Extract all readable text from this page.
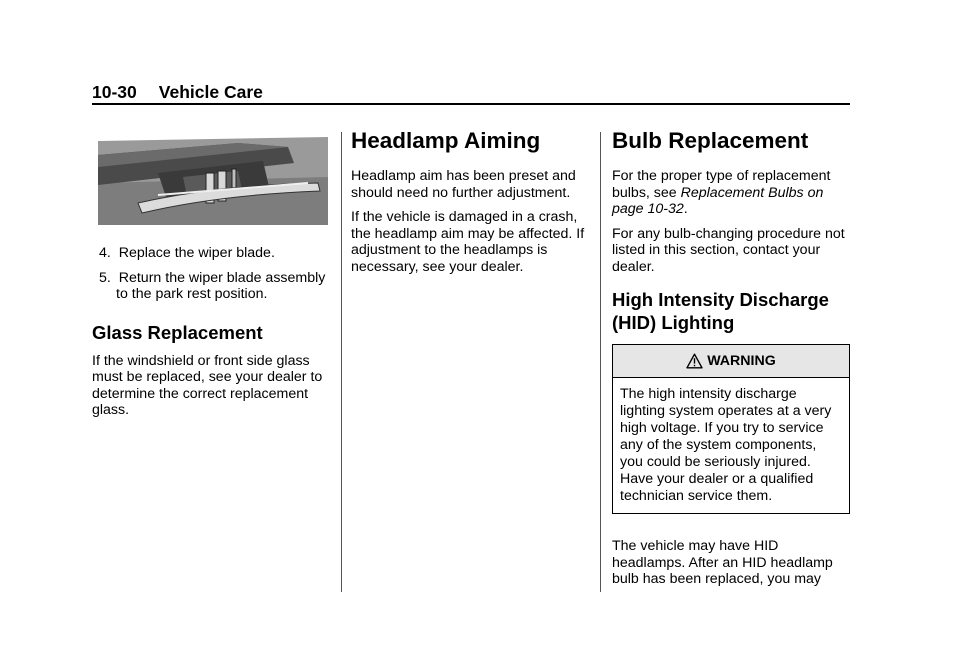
10-30 Vehicle Care
4. Replace the wiper blade.
5. Return the wiper blade assembly to the park rest position.
Glass Replacement

If the windshield or front side glass must be replaced, see your dealer to determine the correct replacement glass.

Headlamp Aiming

Headlamp aim has been preset and should need no further adjustment.

If the vehicle is damaged in a crash, the headlamp aim may be affected. If adjustment to the headlamps is necessary, see your dealer.

Bulb Replacement

For the proper type of replacement bulbs, see Replacement Bulbs on page 10-32.

For any bulb-changing procedure not listed in this section, contact your dealer.

High Intensity Discharge
(HID) Lighting
WARNING

The high intensity discharge lighting system operates at a very high voltage. If you try to service any of the system components, you could be seriously injured. Have your dealer or a qualified technician service them.

The vehicle may have HID headlamps. After an HID headlamp bulb has been replaced, you may
